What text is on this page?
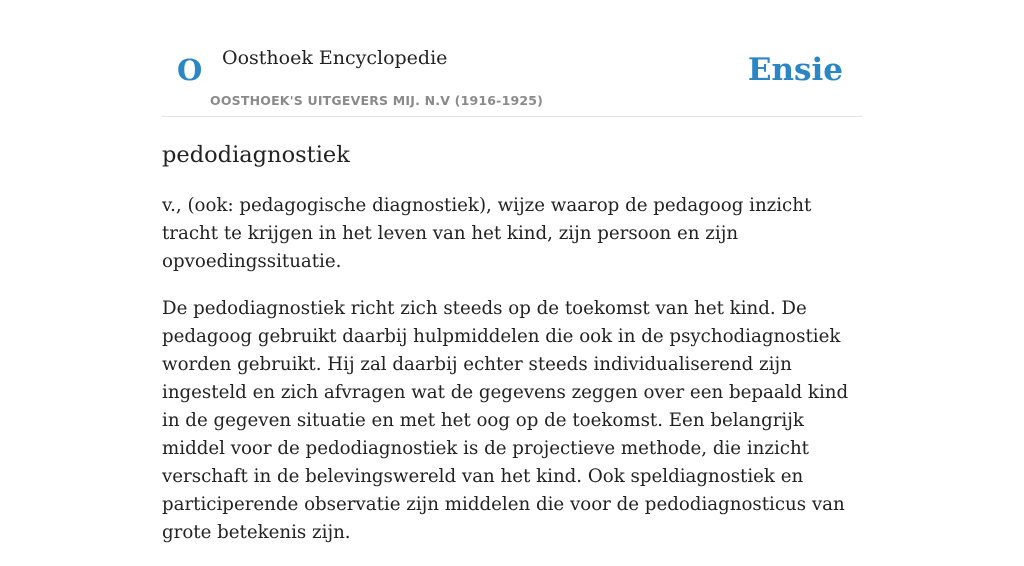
O Oosthoek Encyclopedie
OOSTHOEK'S UITGEVERS MIJ. N.V (1916-1925)
Ensie
pedodiagnostiek

v., (ook: pedagogische diagnostiek), wijze waarop de pedagoog inzicht tracht te krijgen in het leven van het kind, zijn persoon en zijn opvoedingssituatie.

De pedodiagnostiek richt zich steeds op de toekomst van het kind. De pedagoog gebruikt daarbij hulpmiddelen die ook in de psychodiagnostiek worden gebruikt. Hij zal daarbij echter steeds individualiserend zijn ingesteld en zich afvragen wat de gegevens zeggen over een bepaald kind in de gegeven situatie en met het oog op de toekomst. Een belangrijk middel voor de pedodiagnostiek is de projectieve methode, die inzicht verschaft in de belevingswereld van het kind. Ook speldiagnostiek en participerende observatie zijn middelen die voor de pedodiagnosticus van grote betekenis zijn.
